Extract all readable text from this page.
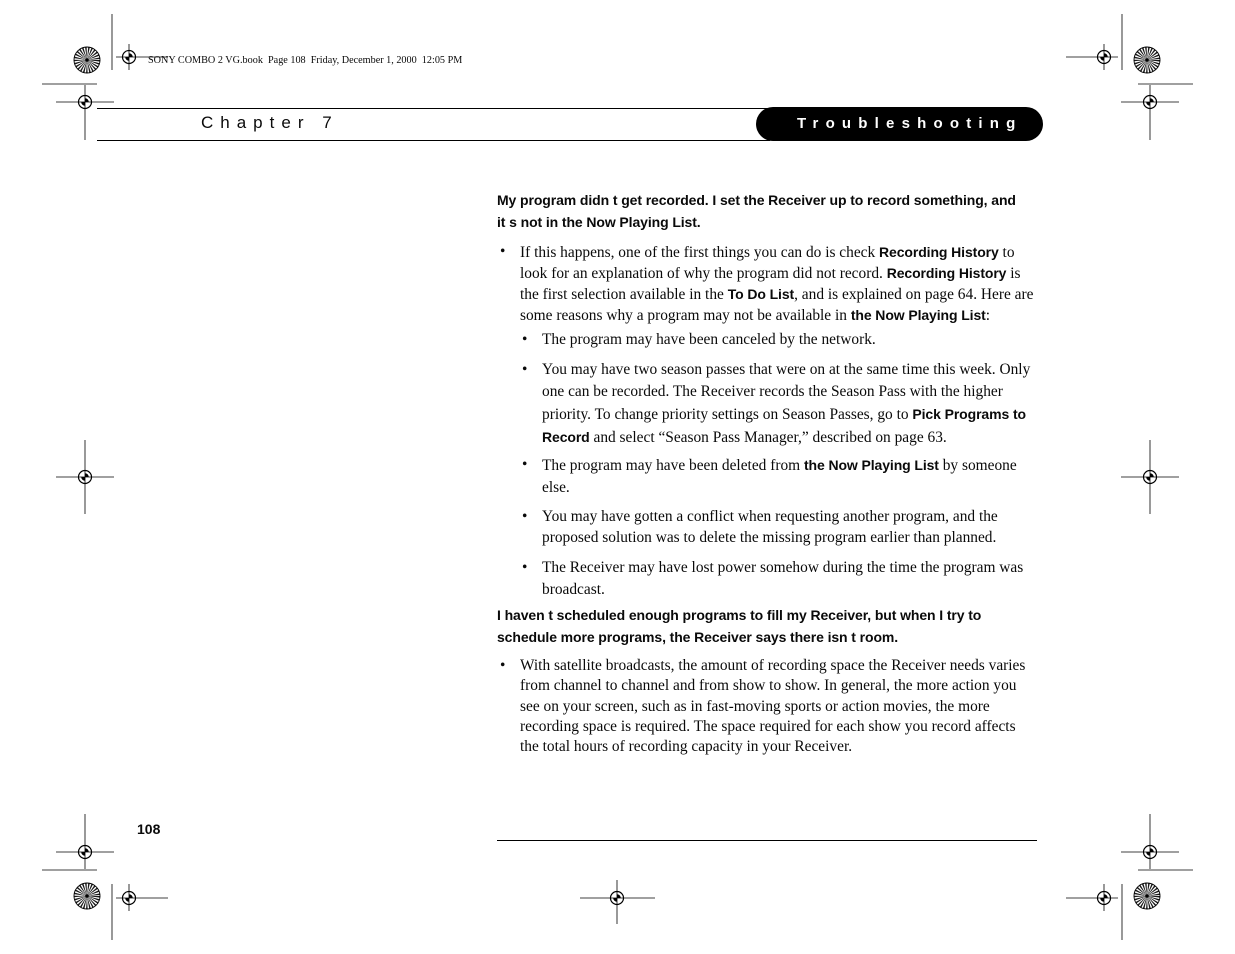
SONY COMBO 2 VG.book  Page 108  Friday, December 1, 2000  12:05 PM
Chapter 7	Troubleshooting
My program didn t get recorded. I set the Receiver up to record something, and
it s not in the Now Playing List.
• If this happens, one of the first things you can do is check Recording History to
look for an explanation of why the program did not record. Recording History is
the first selection available in the To Do List, and is explained on page 64. Here are
some reasons why a program may not be available in the Now Playing List:
• The program may have been canceled by the network.
• You may have two season passes that were on at the same time this week. Only
one can be recorded. The Receiver records the Season Pass with the higher
priority. To change priority settings on Season Passes, go to Pick Programs to
Record and select “Season Pass Manager,” described on page 63.
• The program may have been deleted from the Now Playing List by someone
else.
• You may have gotten a conflict when requesting another program, and the
proposed solution was to delete the missing program earlier than planned.
• The Receiver may have lost power somehow during the time the program was
broadcast.
I haven t scheduled enough programs to fill my Receiver, but when I try to
schedule more programs, the Receiver says there isn t room.
• With satellite broadcasts, the amount of recording space the Receiver needs varies
from channel to channel and from show to show. In general, the more action you
see on your screen, such as in fast-moving sports or action movies, the more
recording space is required. The space required for each show you record affects
the total hours of recording capacity in your Receiver.
108
